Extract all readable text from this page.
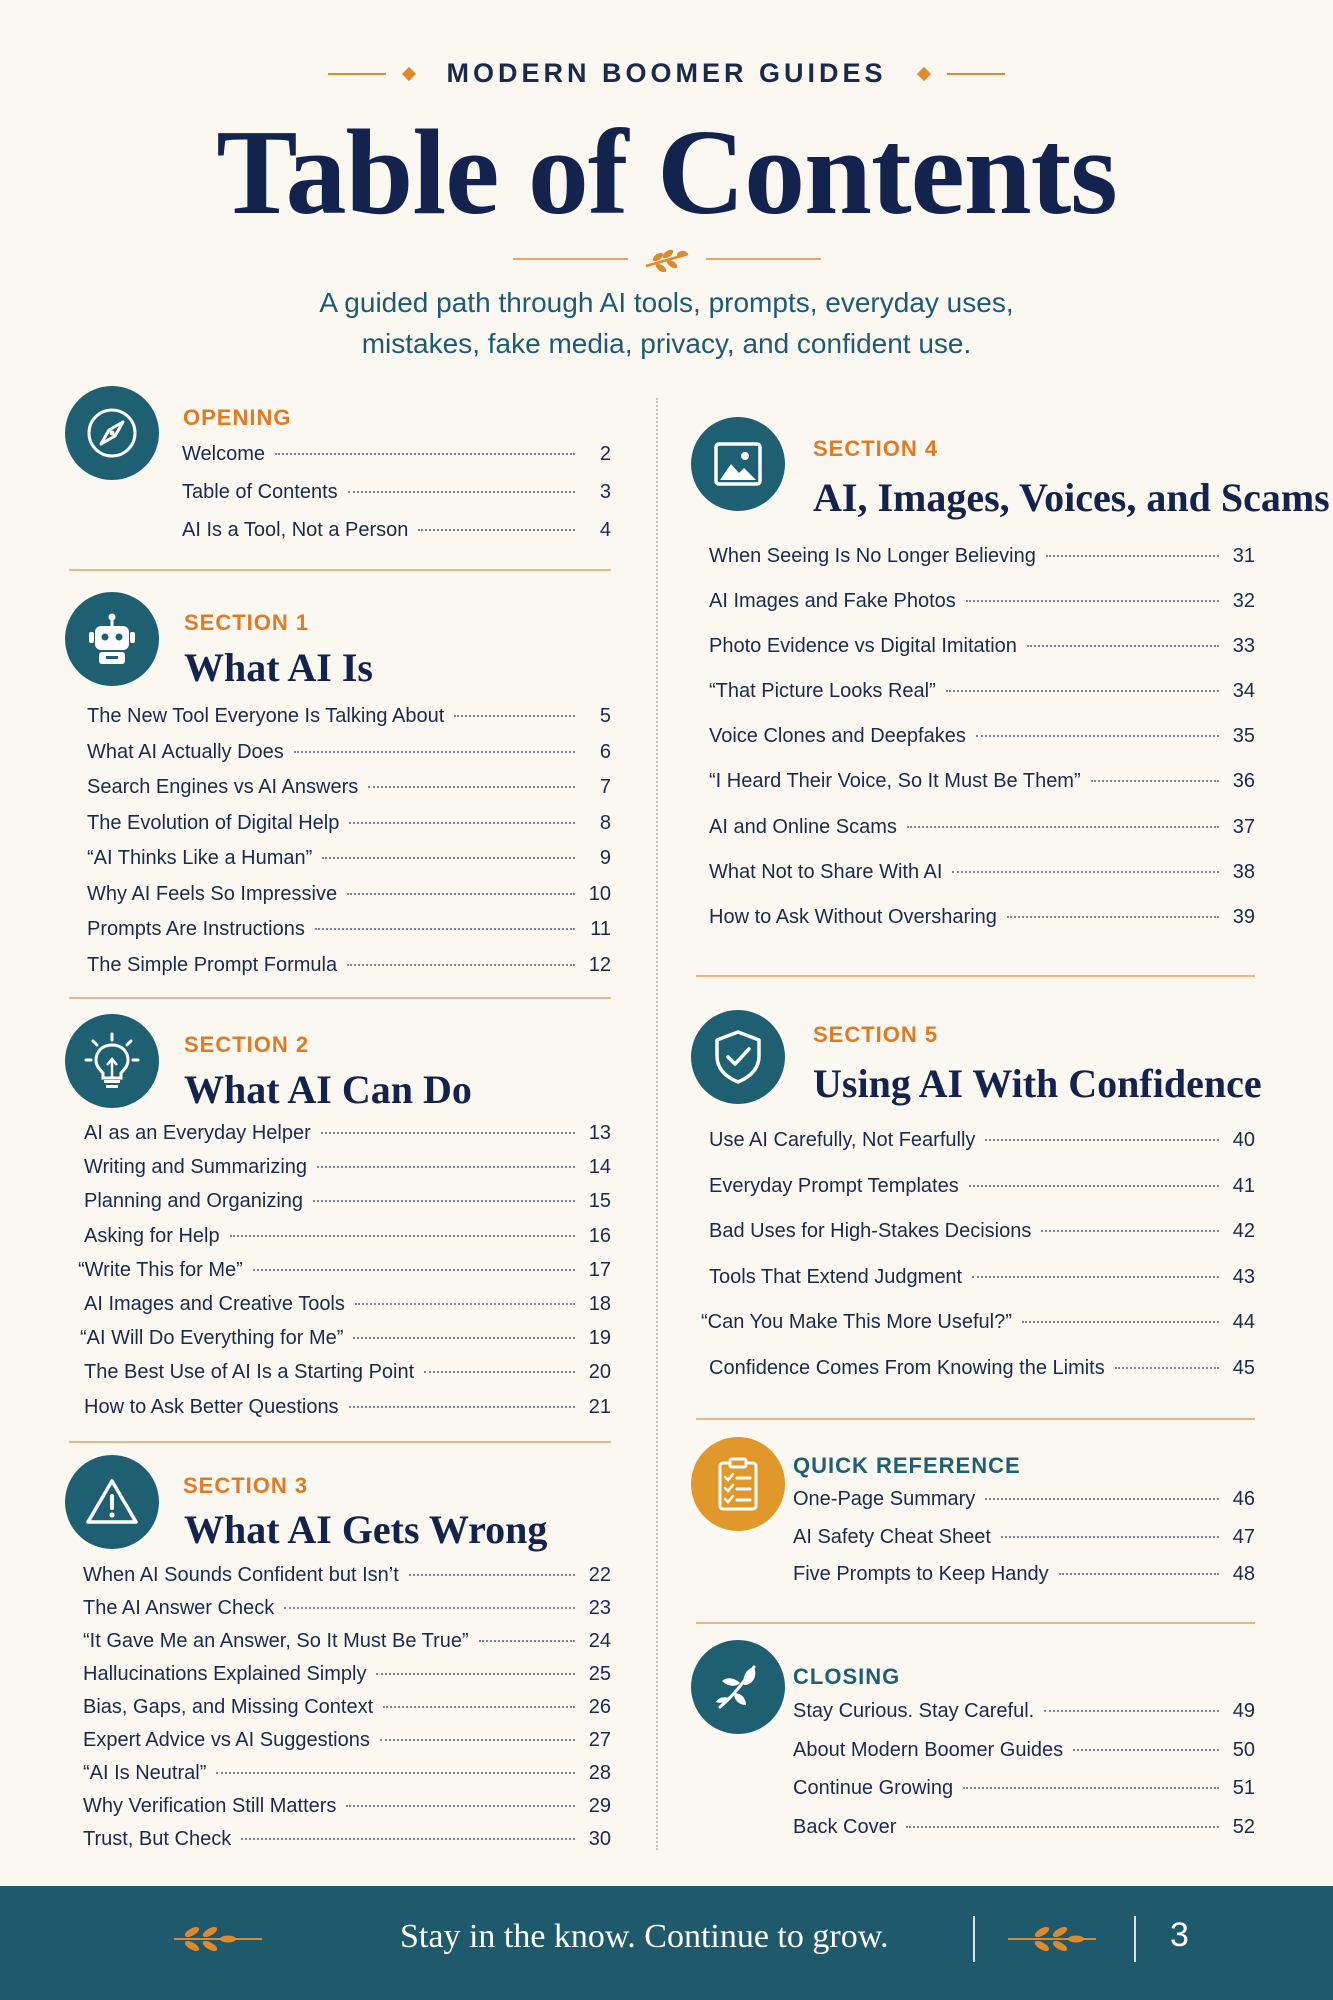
MODERN BOOMER GUIDES
Table of Contents
A guided path through AI tools, prompts, everyday uses,
mistakes, fake media, privacy, and confident use.
OPENING
Welcome	2
Table of Contents	3
AI Is a Tool, Not a Person	4
SECTION 1
What AI Is
The New Tool Everyone Is Talking About	5
What AI Actually Does	6
Search Engines vs AI Answers	7
The Evolution of Digital Help	8
“AI Thinks Like a Human”	9
Why AI Feels So Impressive	10
Prompts Are Instructions	11
The Simple Prompt Formula	12
SECTION 2
What AI Can Do
AI as an Everyday Helper	13
Writing and Summarizing	14
Planning and Organizing	15
Asking for Help	16
“Write This for Me”	17
AI Images and Creative Tools	18
“AI Will Do Everything for Me”	19
The Best Use of AI Is a Starting Point	20
How to Ask Better Questions	21
SECTION 3
What AI Gets Wrong
When AI Sounds Confident but Isn’t	22
The AI Answer Check	23
“It Gave Me an Answer, So It Must Be True”	24
Hallucinations Explained Simply	25
Bias, Gaps, and Missing Context	26
Expert Advice vs AI Suggestions	27
“AI Is Neutral”	28
Why Verification Still Matters	29
Trust, But Check	30
SECTION 4
AI, Images, Voices, and Scams
When Seeing Is No Longer Believing	31
AI Images and Fake Photos	32
Photo Evidence vs Digital Imitation	33
“That Picture Looks Real”	34
Voice Clones and Deepfakes	35
“I Heard Their Voice, So It Must Be Them”	36
AI and Online Scams	37
What Not to Share With AI	38
How to Ask Without Oversharing	39
SECTION 5
Using AI With Confidence
Use AI Carefully, Not Fearfully	40
Everyday Prompt Templates	41
Bad Uses for High-Stakes Decisions	42
Tools That Extend Judgment	43
“Can You Make This More Useful?”	44
Confidence Comes From Knowing the Limits	45
QUICK REFERENCE
One-Page Summary	46
AI Safety Cheat Sheet	47
Five Prompts to Keep Handy	48
CLOSING
Stay Curious. Stay Careful.	49
About Modern Boomer Guides	50
Continue Growing	51
Back Cover	52
Stay in the know. Continue to grow.	3
